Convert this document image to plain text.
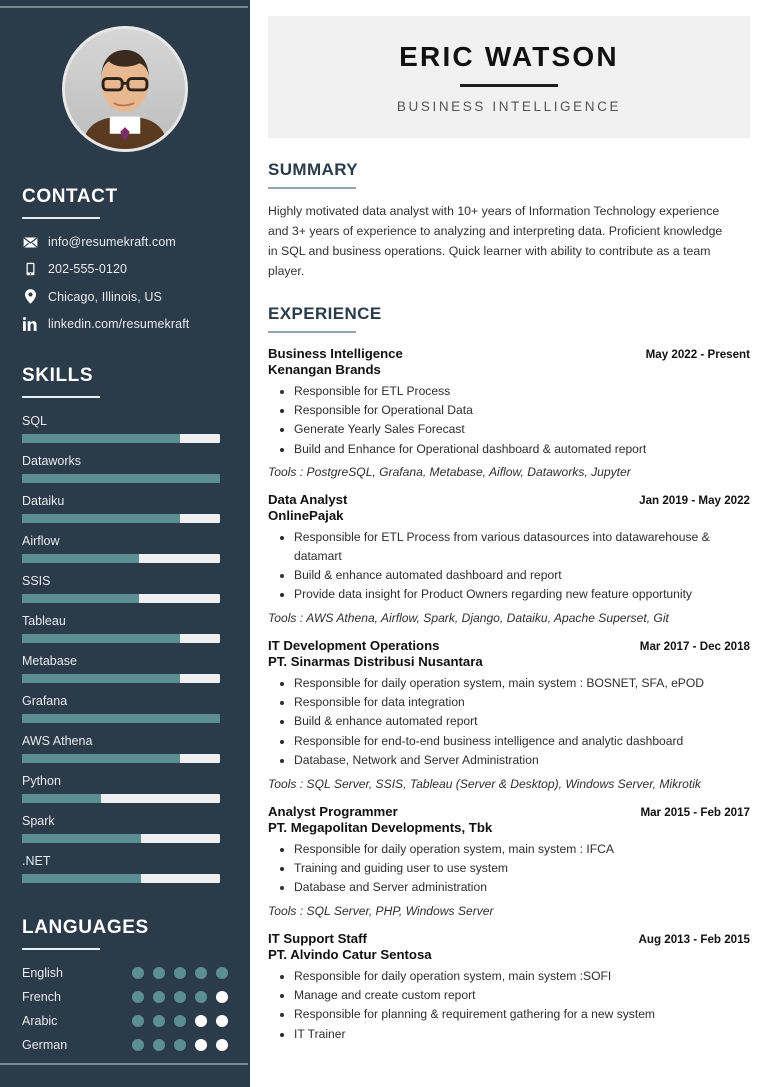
CONTACT
info@resumekraft.com
202-555-0120
Chicago, Illinois, US
linkedin.com/resumekraft
SKILLS
SQL
Dataworks
Dataiku
Airflow
SSIS
Tableau
Metabase
Grafana
AWS Athena
Python
Spark
.NET
LANGUAGES
English
French
Arabic
German
ERIC WATSON
BUSINESS INTELLIGENCE
SUMMARY

Highly motivated data analyst with 10+ years of Information Technology experience and 3+ years of experience to analyzing and interpreting data. Proficient knowledge in SQL and business operations. Quick learner with ability to contribute as a team player.

EXPERIENCE
Business Intelligence	May 2022 - Present
Kenangan Brands
• Responsible for ETL Process
• Responsible for Operational Data
• Generate Yearly Sales Forecast
• Build and Enhance for Operational dashboard & automated report
Tools : PostgreSQL, Grafana, Metabase, Aiflow, Dataworks, Jupyter
Data Analyst	Jan 2019 - May 2022
OnlinePajak
• Responsible for ETL Process from various datasources into datawarehouse & datamart
• Build & enhance automated dashboard and report
• Provide data insight for Product Owners regarding new feature opportunity
Tools : AWS Athena, Airflow, Spark, Django, Dataiku, Apache Superset, Git
IT Development Operations	Mar 2017 - Dec 2018
PT. Sinarmas Distribusi Nusantara
• Responsible for daily operation system, main system : BOSNET, SFA, ePOD
• Responsible for data integration
• Build & enhance automated report
• Responsible for end-to-end business intelligence and analytic dashboard
• Database, Network and Server Administration
Tools : SQL Server, SSIS, Tableau (Server & Desktop), Windows Server, Mikrotik
Analyst Programmer	Mar 2015 - Feb 2017
PT. Megapolitan Developments, Tbk
• Responsible for daily operation system, main system : IFCA
• Training and guiding user to use system
• Database and Server administration
Tools : SQL Server, PHP, Windows Server
IT Support Staff	Aug 2013 - Feb 2015
PT. Alvindo Catur Sentosa
• Responsible for daily operation system, main system :SOFI
• Manage and create custom report
• Responsible for planning & requirement gathering for a new system
• IT Trainer
